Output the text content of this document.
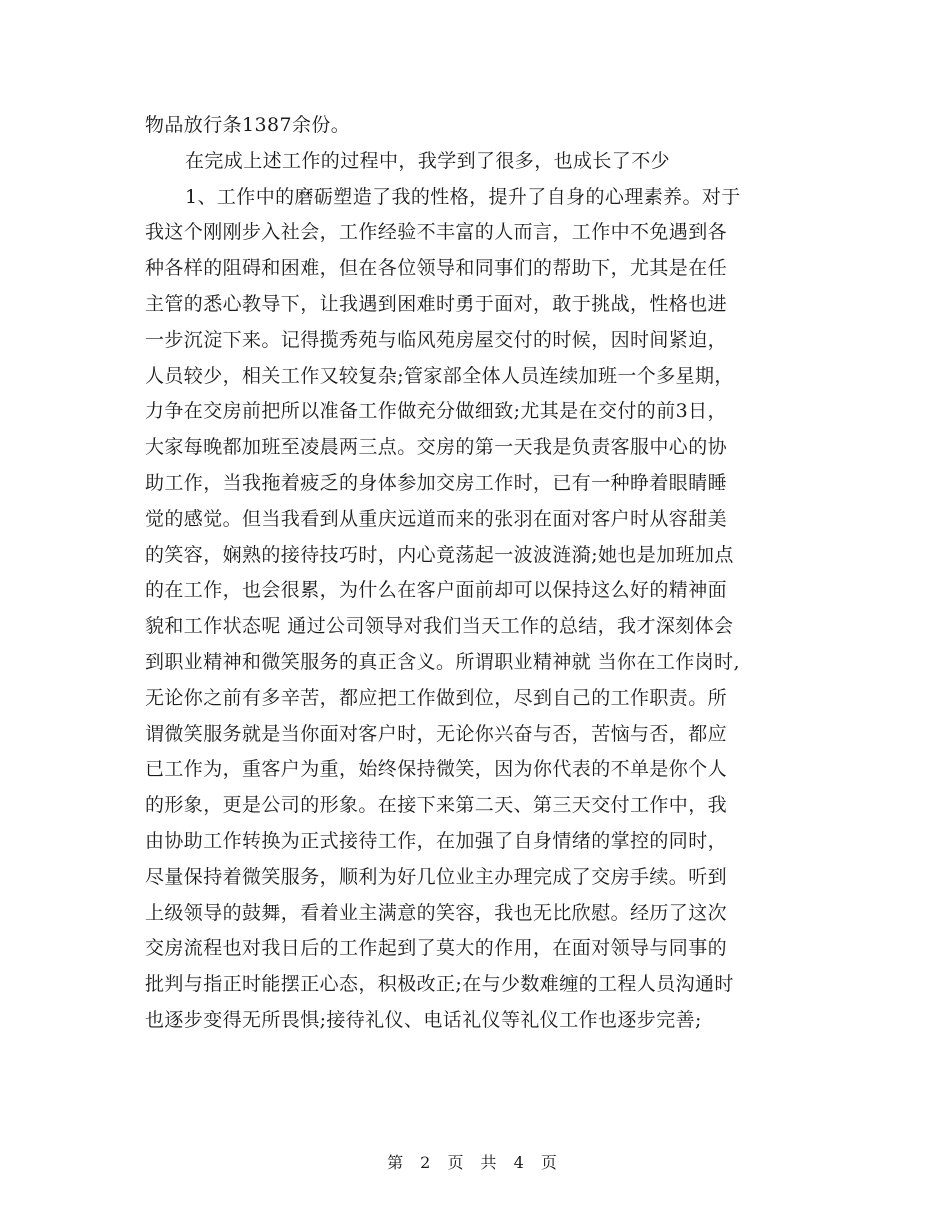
物品放行条1387余份。
在完成上述工作的过程中，我学到了很多，也成长了不少
1、工作中的磨砺塑造了我的性格，提升了自身的心理素养。对于
我这个刚刚步入社会，工作经验不丰富的人而言，工作中不免遇到各
种各样的阻碍和困难，但在各位领导和同事们的帮助下，尤其是在任
主管的悉心教导下，让我遇到困难时勇于面对，敢于挑战，性格也进
一步沉淀下来。记得揽秀苑与临风苑房屋交付的时候，因时间紧迫，
人员较少，相关工作又较复杂;管家部全体人员连续加班一个多星期，
力争在交房前把所以准备工作做充分做细致;尤其是在交付的前3日，
大家每晚都加班至凌晨两三点。交房的第一天我是负责客服中心的协
助工作，当我拖着疲乏的身体参加交房工作时，已有一种睁着眼睛睡
觉的感觉。但当我看到从重庆远道而来的张羽在面对客户时从容甜美
的笑容，娴熟的接待技巧时，内心竟荡起一波波涟漪;她也是加班加点
的在工作，也会很累，为什么在客户面前却可以保持这么好的精神面
貌和工作状态呢 通过公司领导对我们当天工作的总结，我才深刻体会
到职业精神和微笑服务的真正含义。所谓职业精神就 当你在工作岗时,
无论你之前有多辛苦，都应把工作做到位，尽到自己的工作职责。所
谓微笑服务就是当你面对客户时，无论你兴奋与否，苦恼与否，都应
已工作为，重客户为重，始终保持微笑，因为你代表的不单是你个人
的形象，更是公司的形象。在接下来第二天、第三天交付工作中，我
由协助工作转换为正式接待工作，在加强了自身情绪的掌控的同时，
尽量保持着微笑服务，顺利为好几位业主办理完成了交房手续。听到
上级领导的鼓舞，看着业主满意的笑容，我也无比欣慰。经历了这次
交房流程也对我日后的工作起到了莫大的作用，在面对领导与同事的
批判与指正时能摆正心态，积极改正;在与少数难缠的工程人员沟通时
也逐步变得无所畏惧;接待礼仪、电话礼仪等礼仪工作也逐步完善;
第 2 页 共 4 页
